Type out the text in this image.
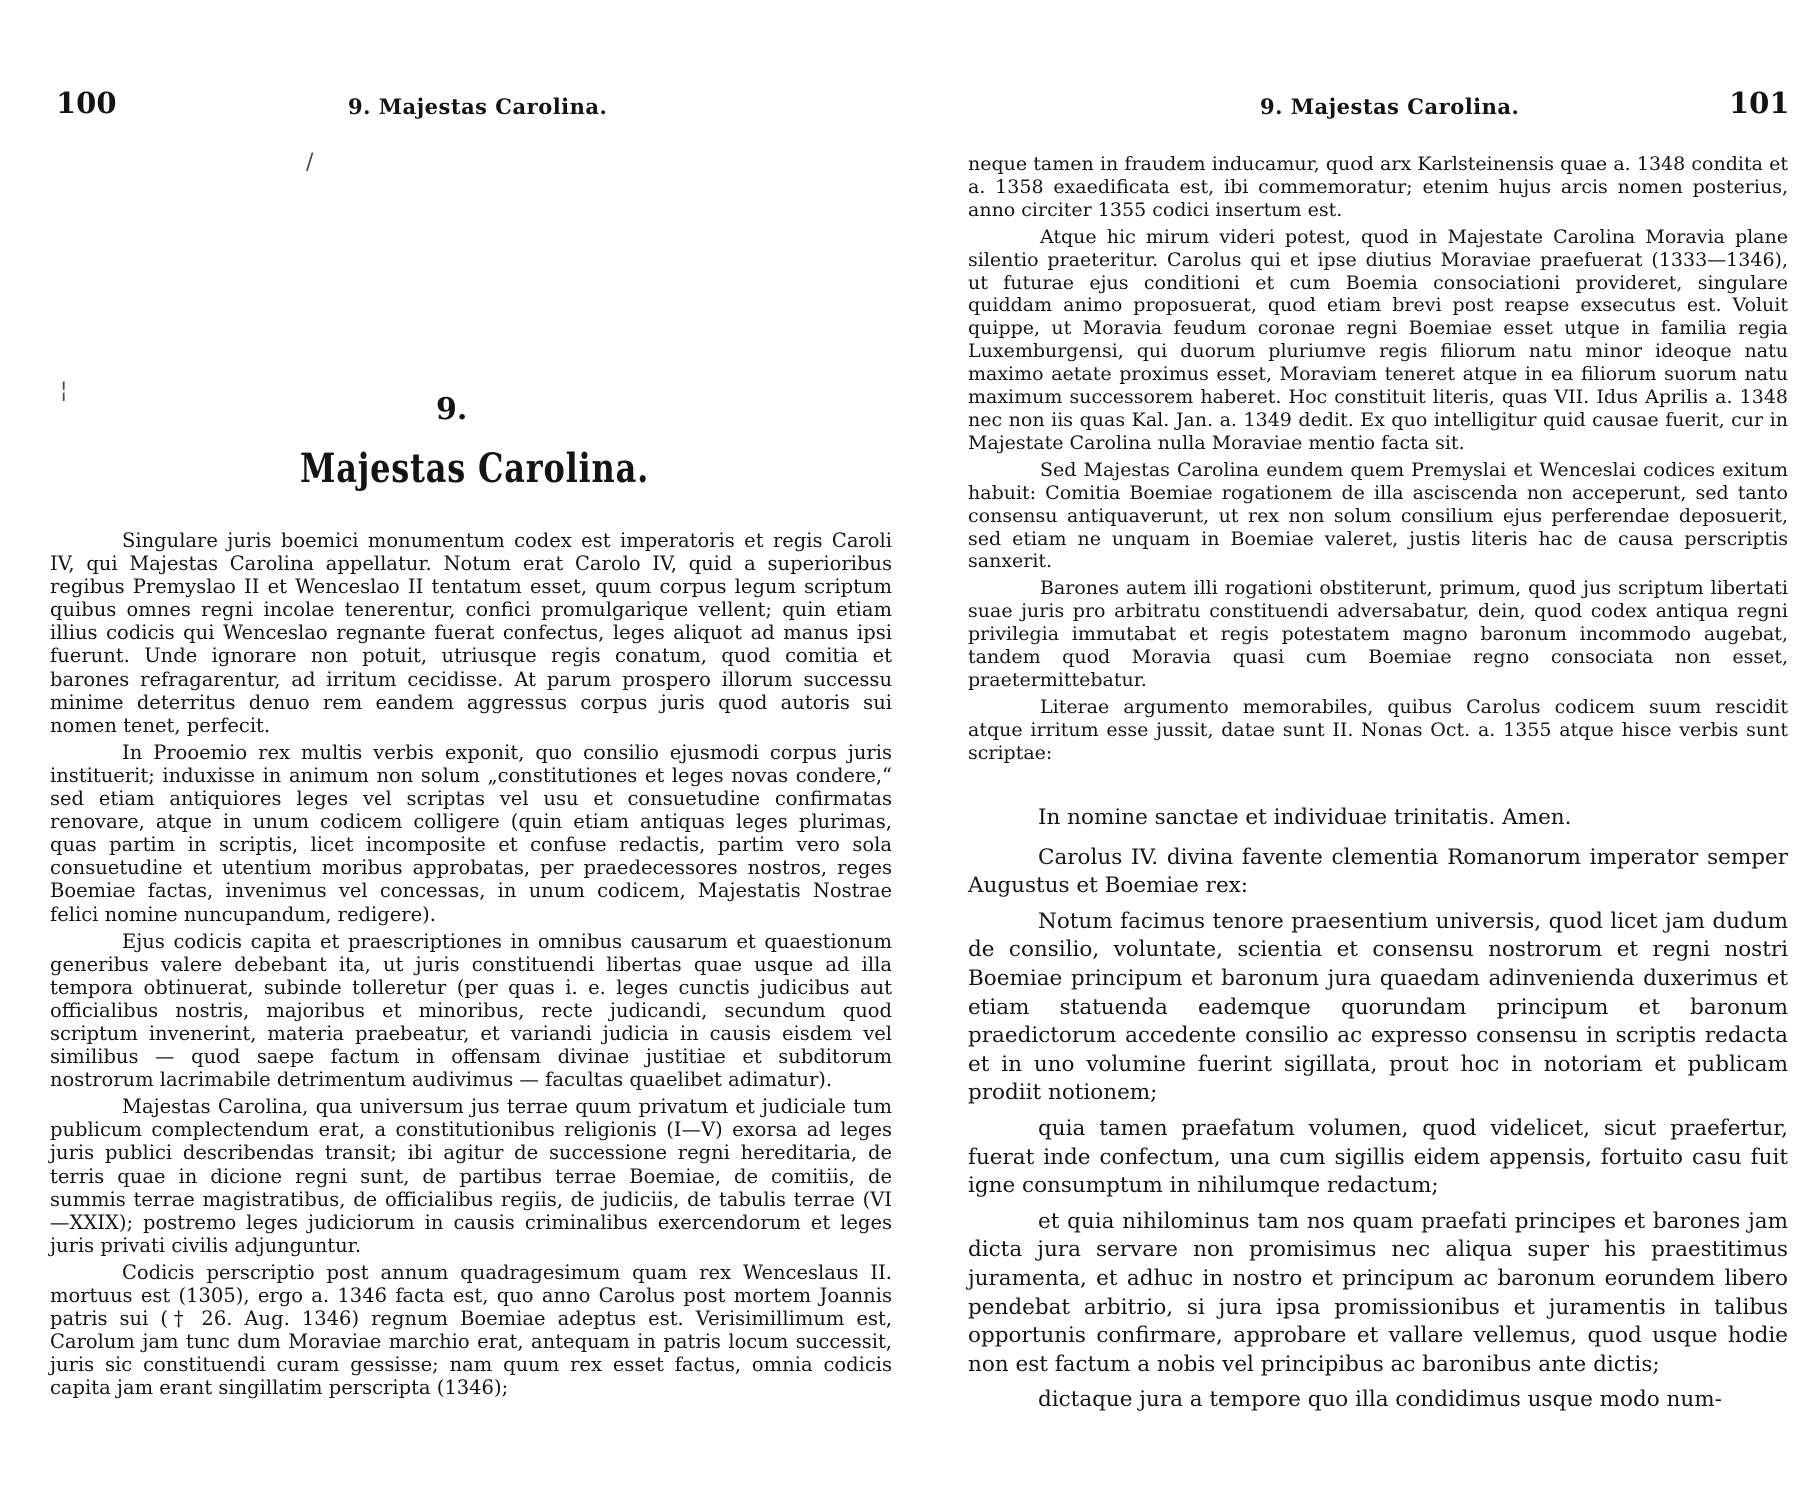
100	9. Majestas Carolina.
/
¦
9.
Majestas Carolina.

Singulare juris boemici monumentum codex est imperatoris et regis Caroli IV, qui Majestas Carolina appellatur. Notum erat Carolo IV, quid a superioribus regibus Premyslao II et Wenceslao II tentatum esset, quum corpus legum scriptum quibus omnes regni incolae tenerentur, confici promulgarique vellent; quin etiam illius codicis qui Wenceslao regnante fuerat confectus, leges aliquot ad manus ipsi fuerunt. Unde ignorare non potuit, utriusque regis conatum, quod comitia et barones refragarentur, ad irritum cecidisse. At parum prospero illorum successu minime deterritus denuo rem eandem aggressus corpus juris quod autoris sui nomen tenet, perfecit.

In Prooemio rex multis verbis exponit, quo consilio ejusmodi corpus juris instituerit; induxisse in animum non solum „constitutiones et leges novas condere,“ sed etiam antiquiores leges vel scriptas vel usu et consuetudine confirmatas renovare, atque in unum codicem colligere (quin etiam antiquas leges plurimas, quas partim in scriptis, licet incomposite et confuse redactis, partim vero sola consuetudine et utentium moribus approbatas, per praedecessores nostros, reges Boemiae factas, invenimus vel concessas, in unum codicem, Majestatis Nostrae felici nomine nuncupandum, redigere).

Ejus codicis capita et praescriptiones in omnibus causarum et quaestionum generibus valere debebant ita, ut juris constituendi libertas quae usque ad illa tempora obtinuerat, subinde tolleretur (per quas i. e. leges cunctis judicibus aut officialibus nostris, majoribus et minoribus, recte judicandi, secundum quod scriptum invenerint, materia praebeatur, et variandi judicia in causis eisdem vel similibus — quod saepe factum in offensam divinae justitiae et subditorum nostrorum lacrimabile detrimentum audivimus — facultas quaelibet adimatur).

Majestas Carolina, qua universum jus terrae quum privatum et judiciale tum publicum complectendum erat, a constitutionibus religionis (I—V) exorsa ad leges juris publici describendas transit; ibi agitur de successione regni hereditaria, de terris quae in dicione regni sunt, de partibus terrae Boemiae, de comitiis, de summis terrae magistratibus, de officialibus regiis, de judiciis, de tabulis terrae (VI—XXIX); postremo leges judiciorum in causis criminalibus exercendorum et leges juris privati civilis adjunguntur.

Codicis perscriptio post annum quadragesimum quam rex Wenceslaus II. mortuus est (1305), ergo a. 1346 facta est, quo anno Carolus post mortem Joannis patris sui († 26. Aug. 1346) regnum Boemiae adeptus est. Verisimillimum est, Carolum jam tunc dum Moraviae marchio erat, antequam in patris locum successit, juris sic constituendi curam gessisse; nam quum rex esset factus, omnia codicis capita jam erant singillatim perscripta (1346);

9. Majestas Carolina.	101

neque tamen in fraudem inducamur, quod arx Karlsteinensis quae a. 1348 condita et a. 1358 exaedificata est, ibi commemoratur; etenim hujus arcis nomen posterius, anno circiter 1355 codici insertum est.

Atque hic mirum videri potest, quod in Majestate Carolina Moravia plane silentio praeteritur. Carolus qui et ipse diutius Moraviae praefuerat (1333—1346), ut futurae ejus conditioni et cum Boemia consociationi provideret, singulare quiddam animo proposuerat, quod etiam brevi post reapse exsecutus est. Voluit quippe, ut Moravia feudum coronae regni Boemiae esset utque in familia regia Luxemburgensi, qui duorum pluriumve regis filiorum natu minor ideoque natu maximo aetate proximus esset, Moraviam teneret atque in ea filiorum suorum natu maximum successorem haberet. Hoc constituit literis, quas VII. Idus Aprilis a. 1348 nec non iis quas Kal. Jan. a. 1349 dedit. Ex quo intelligitur quid causae fuerit, cur in Majestate Carolina nulla Moraviae mentio facta sit.

Sed Majestas Carolina eundem quem Premyslai et Wenceslai codices exitum habuit: Comitia Boemiae rogationem de illa asciscenda non acceperunt, sed tanto consensu antiquaverunt, ut rex non solum consilium ejus perferendae deposuerit, sed etiam ne unquam in Boemiae valeret, justis literis hac de causa perscriptis sanxerit.

Barones autem illi rogationi obstiterunt, primum, quod jus scriptum libertati suae juris pro arbitratu constituendi adversabatur, dein, quod codex antiqua regni privilegia immutabat et regis potestatem magno baronum incommodo augebat, tandem quod Moravia quasi cum Boemiae regno consociata non esset, praetermittebatur.

Literae argumento memorabiles, quibus Carolus codicem suum rescidit atque irritum esse jussit, datae sunt II. Nonas Oct. a. 1355 atque hisce verbis sunt scriptae:

In nomine sanctae et individuae trinitatis. Amen.

Carolus IV. divina favente clementia Romanorum imperator semper Augustus et Boemiae rex:

Notum facimus tenore praesentium universis, quod licet jam dudum de consilio, voluntate, scientia et consensu nostrorum et regni nostri Boemiae principum et baronum jura quaedam adinvenienda duxerimus et etiam statuenda eademque quorundam principum et baronum praedictorum accedente consilio ac expresso consensu in scriptis redacta et in uno volumine fuerint sigillata, prout hoc in notoriam et publicam prodiit notionem;

quia tamen praefatum volumen, quod videlicet, sicut praefertur, fuerat inde confectum, una cum sigillis eidem appensis, fortuito casu fuit igne consumptum in nihilumque redactum;

et quia nihilominus tam nos quam praefati principes et barones jam dicta jura servare non promisimus nec aliqua super his praestitimus juramenta, et adhuc in nostro et principum ac baronum eorundem libero pendebat arbitrio, si jura ipsa promissionibus et juramentis in talibus opportunis confirmare, approbare et vallare vellemus, quod usque hodie non est factum a nobis vel principibus ac baronibus ante dictis;

dictaque jura a tempore quo illa condidimus usque modo num-
